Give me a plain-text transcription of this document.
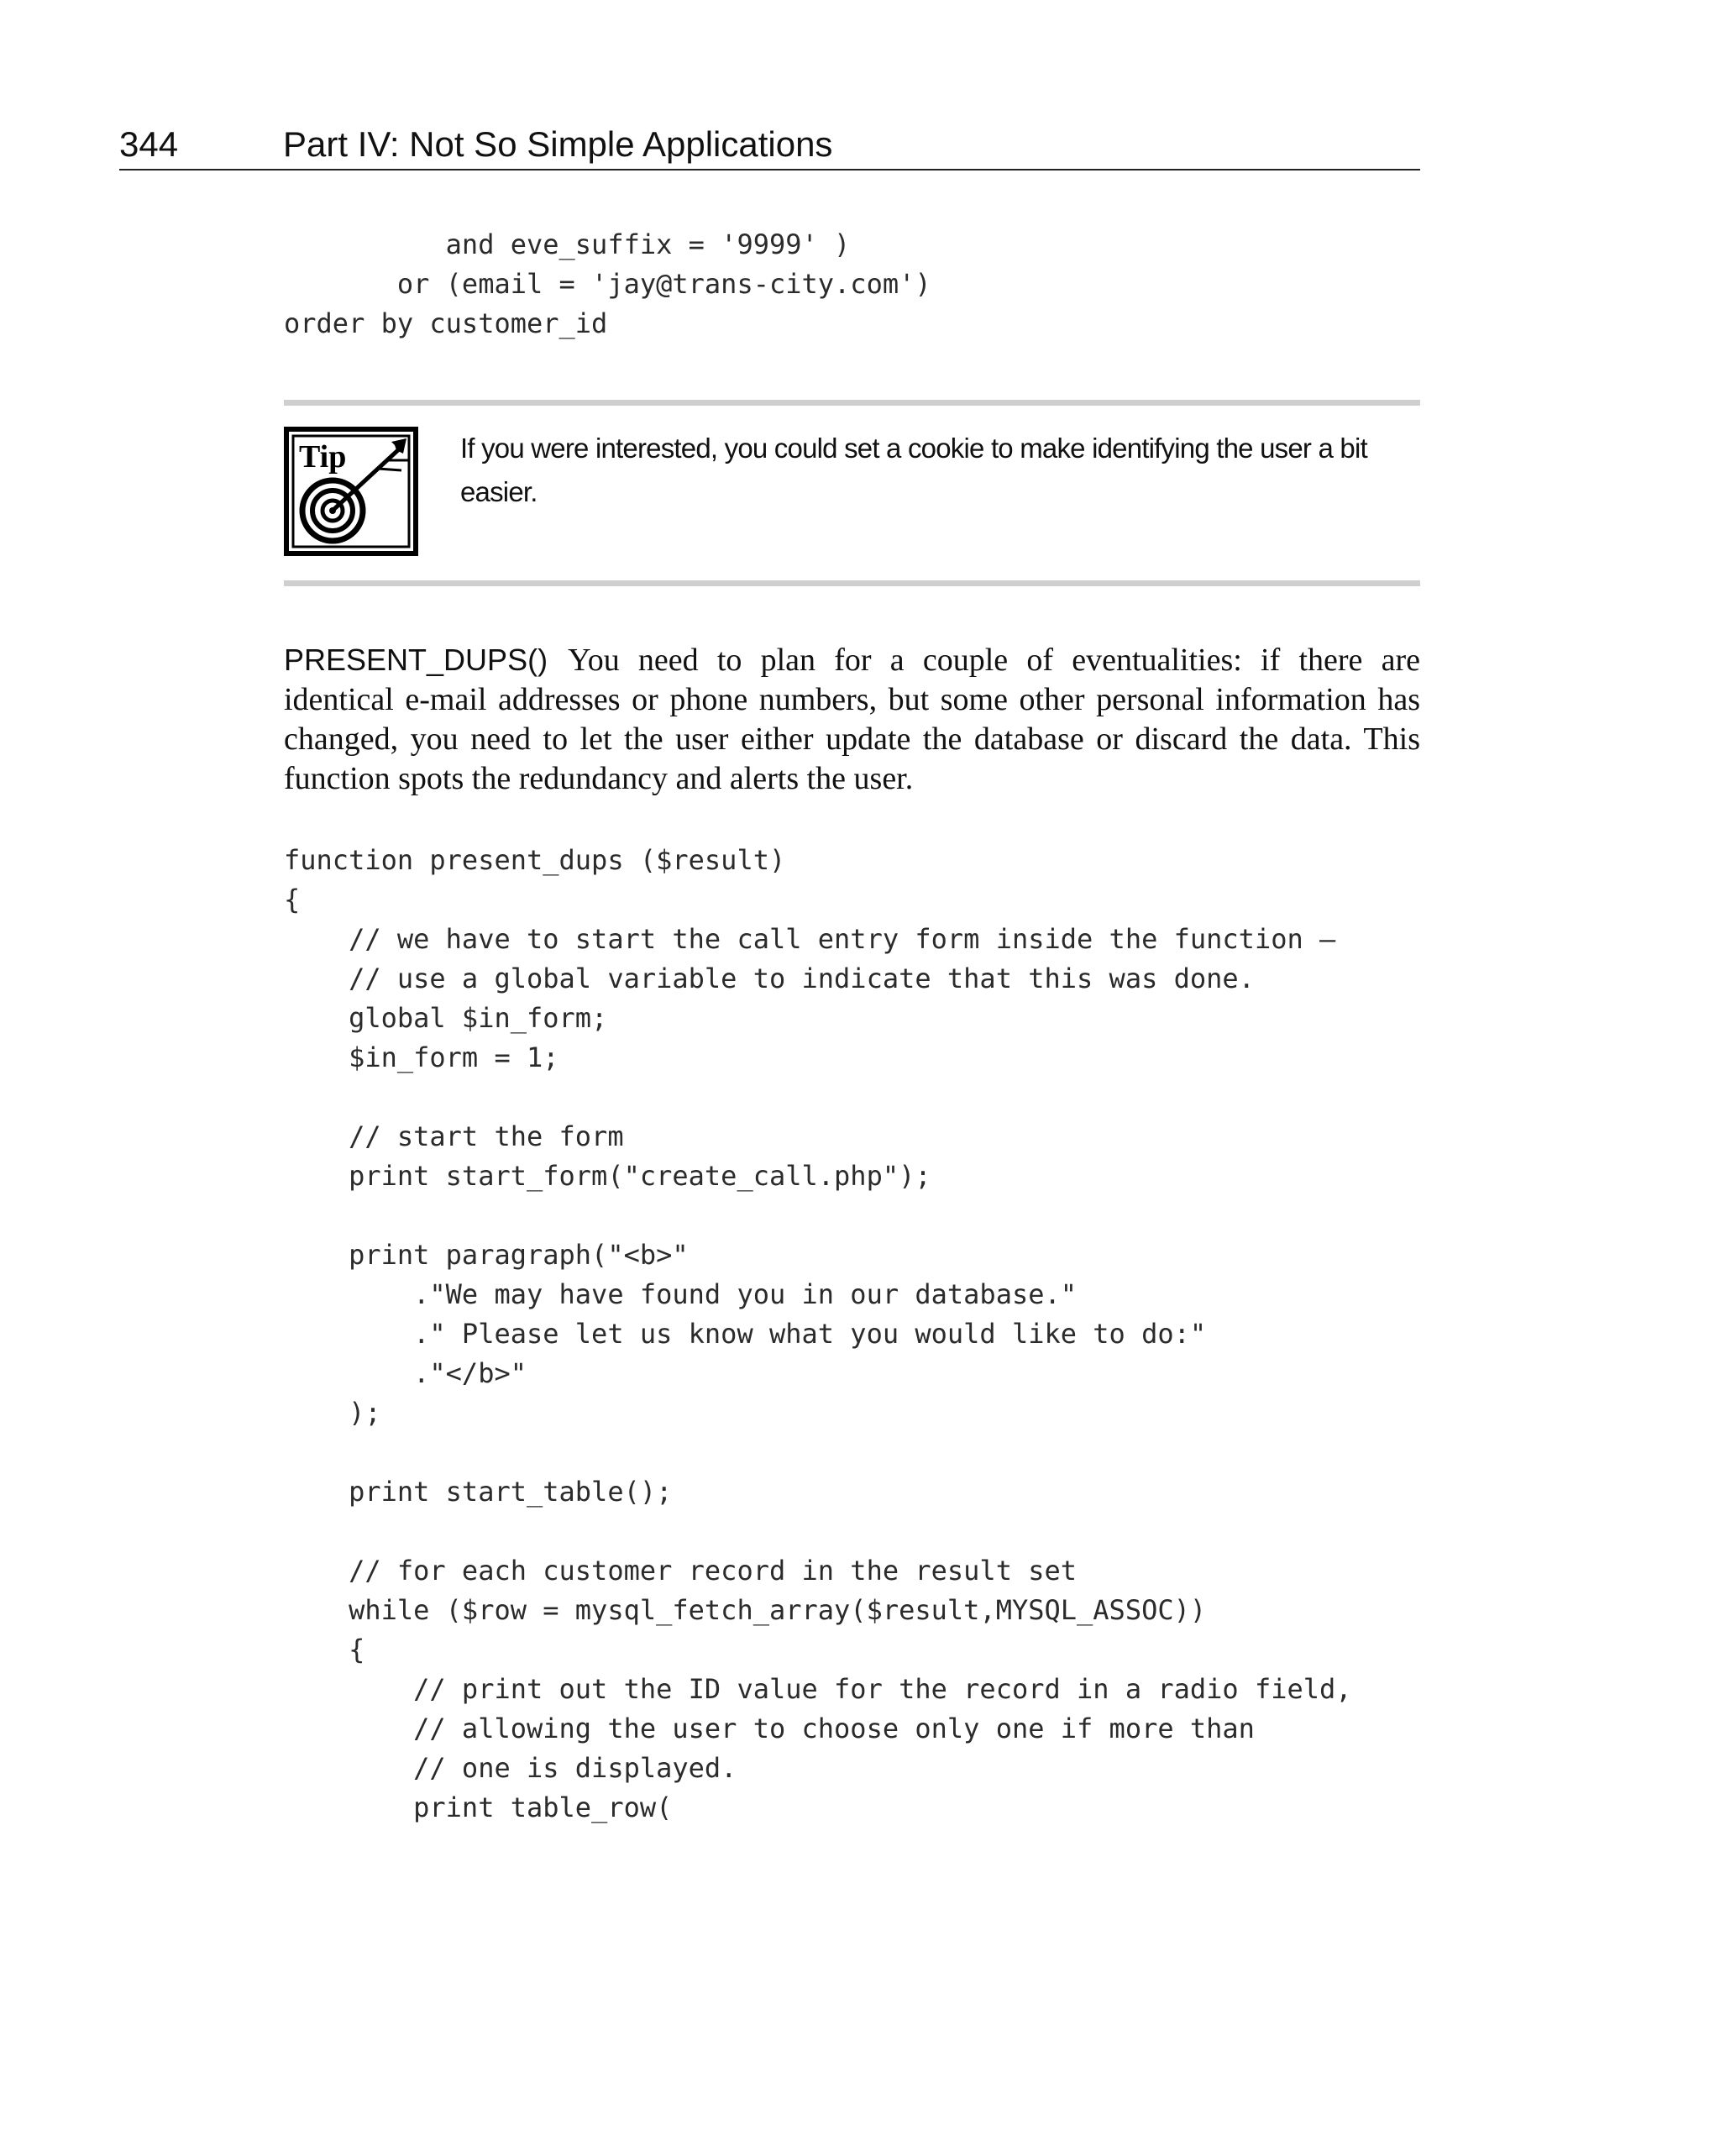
344	Part IV: Not So Simple Applications
and eve_suffix = '9999' )
or (email = 'jay@trans-city.com')
order by customer_id
Tip	If you were interested, you could set a cookie to make identifying the user a bit easier.
PRESENT_DUPS() You need to plan for a couple of eventualities: if there are identical e-mail addresses or phone numbers, but some other personal information has changed, you need to let the user either update the database or discard the data. This function spots the redundancy and alerts the user.
function present_dups ($result)
{
// we have to start the call entry form inside the function –
// use a global variable to indicate that this was done.
global $in_form;
$in_form = 1;
// start the form
print start_form("create_call.php");
print paragraph("<b>"
."We may have found you in our database."
." Please let us know what you would like to do:"
."</b>"
);
print start_table();
// for each customer record in the result set
while ($row = mysql_fetch_array($result,MYSQL_ASSOC))
{
// print out the ID value for the record in a radio field,
// allowing the user to choose only one if more than
// one is displayed.
print table_row(
